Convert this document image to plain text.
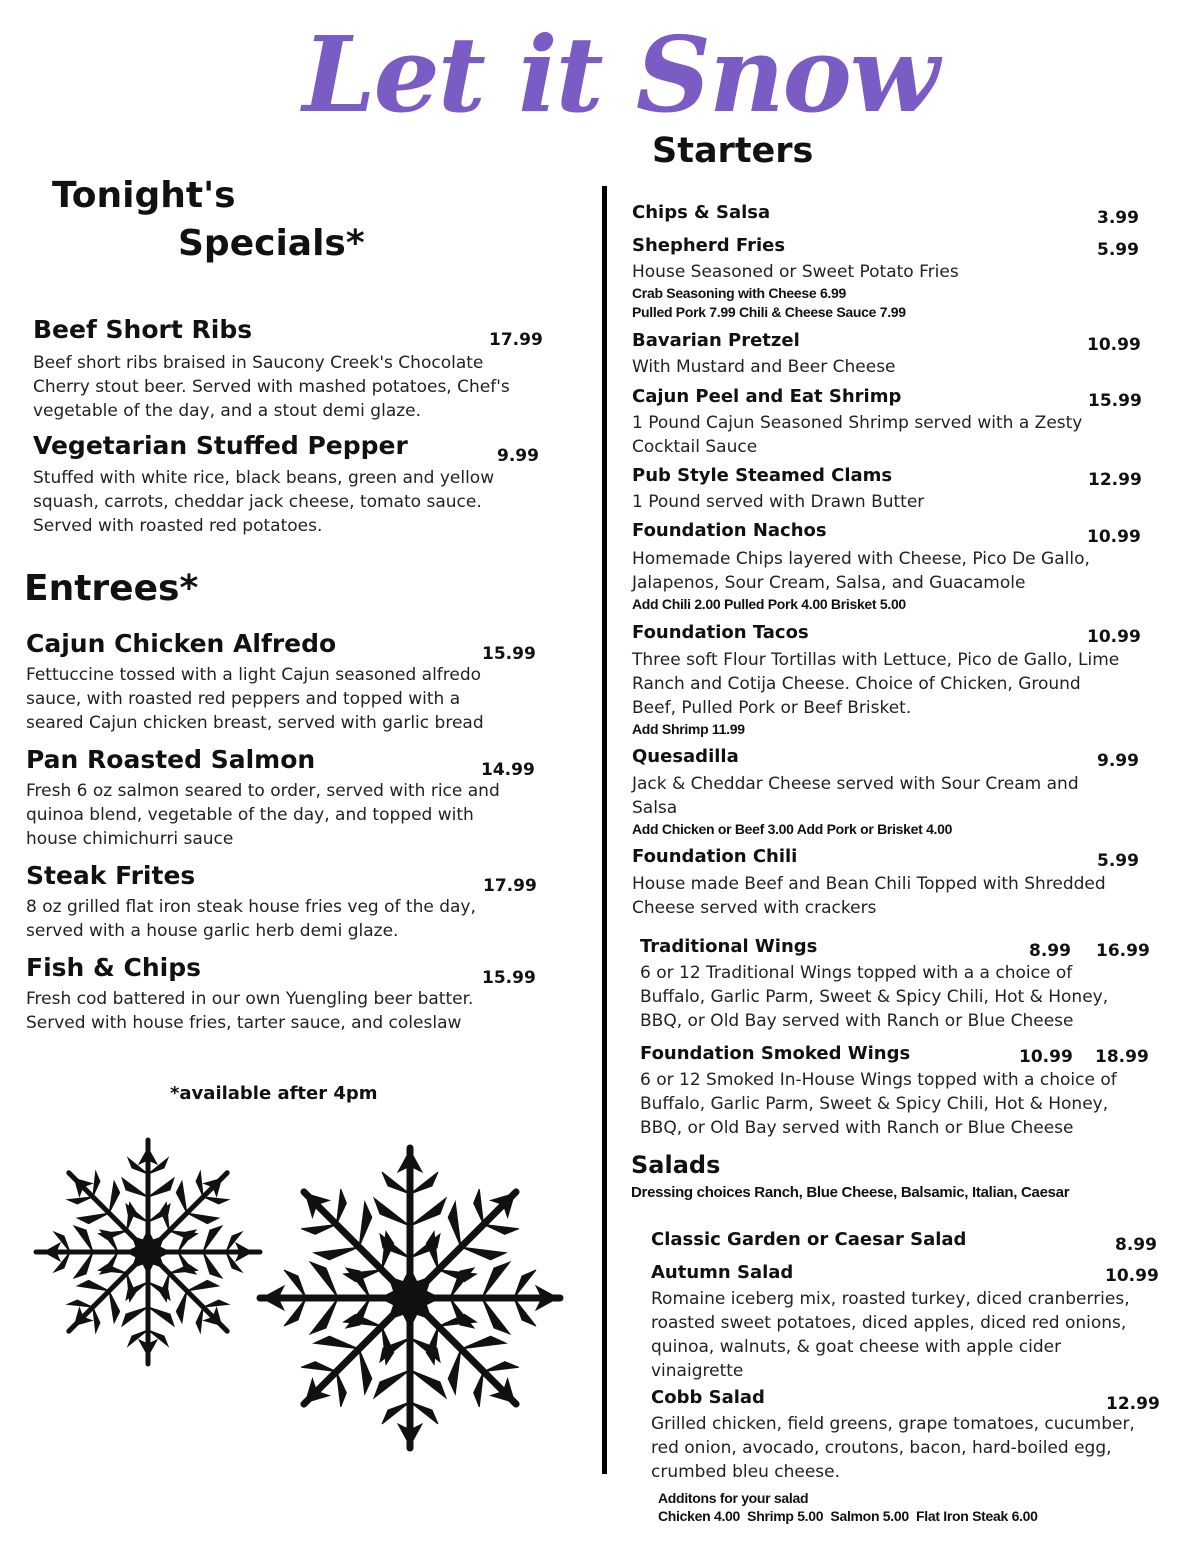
Let it Snow
Starters
Tonight's
Specials*
Beef Short Ribs
Beef short ribs braised in Saucony Creek's Chocolate Cherry stout beer. Served with mashed potatoes, Chef's vegetable of the day, and a stout demi glaze.
17.99
Vegetarian Stuffed Pepper
Stuffed with white rice, black beans, green and yellow squash, carrots, cheddar jack cheese, tomato sauce. Served with roasted red potatoes.
9.99
Entrees*
Cajun Chicken Alfredo
Fettuccine tossed with a light Cajun seasoned alfredo sauce, with roasted red peppers and topped with a seared Cajun chicken breast, served with garlic bread
15.99
Pan Roasted Salmon
Fresh 6 oz salmon seared to order, served with rice and quinoa blend, vegetable of the day, and topped with house chimichurri sauce
14.99
Steak Frites
8 oz grilled flat iron steak house fries veg of the day, served with a house garlic herb demi glaze.
17.99
Fish & Chips
Fresh cod battered in our own Yuengling beer batter. Served with house fries, tarter sauce, and coleslaw
15.99
*available after 4pm
Chips & Salsa	3.99
Shepherd Fries
House Seasoned or Sweet Potato Fries
Crab Seasoning with Cheese 6.99
Pulled Pork 7.99 Chili & Cheese Sauce 7.99
5.99
Bavarian Pretzel
With Mustard and Beer Cheese
10.99
Cajun Peel and Eat Shrimp
1 Pound Cajun Seasoned Shrimp served with a Zesty Cocktail Sauce
15.99
Pub Style Steamed Clams
1 Pound served with Drawn Butter
12.99
Foundation Nachos
Homemade Chips layered with Cheese, Pico De Gallo, Jalapenos, Sour Cream, Salsa, and Guacamole
Add Chili 2.00 Pulled Pork 4.00 Brisket 5.00
10.99
Foundation Tacos
Three soft Flour Tortillas with Lettuce, Pico de Gallo, Lime Ranch and Cotija Cheese. Choice of Chicken, Ground Beef, Pulled Pork or Beef Brisket.
Add Shrimp 11.99
10.99
Quesadilla
Jack & Cheddar Cheese served with Sour Cream and Salsa
Add Chicken or Beef 3.00 Add Pork or Brisket 4.00
9.99
Foundation Chili
House made Beef and Bean Chili Topped with Shredded Cheese served with crackers
5.99
Traditional Wings
6 or 12 Traditional Wings topped with a a choice of Buffalo, Garlic Parm, Sweet & Spicy Chili, Hot & Honey, BBQ, or Old Bay served with Ranch or Blue Cheese
8.99 16.99
Foundation Smoked Wings
6 or 12 Smoked In-House Wings topped with a choice of Buffalo, Garlic Parm, Sweet & Spicy Chili, Hot & Honey, BBQ, or Old Bay served with Ranch or Blue Cheese
10.99 18.99
Salads
Dressing choices Ranch, Blue Cheese, Balsamic, Italian, Caesar
Classic Garden or Caesar Salad	8.99
Autumn Salad
Romaine iceberg mix, roasted turkey, diced cranberries, roasted sweet potatoes, diced apples, diced red onions, quinoa, walnuts, & goat cheese with apple cider vinaigrette
10.99
Cobb Salad
Grilled chicken, field greens, grape tomatoes, cucumber, red onion, avocado, croutons, bacon, hard-boiled egg, crumbed bleu cheese.
12.99
Additons for your salad
Chicken 4.00  Shrimp 5.00  Salmon 5.00  Flat Iron Steak 6.00
